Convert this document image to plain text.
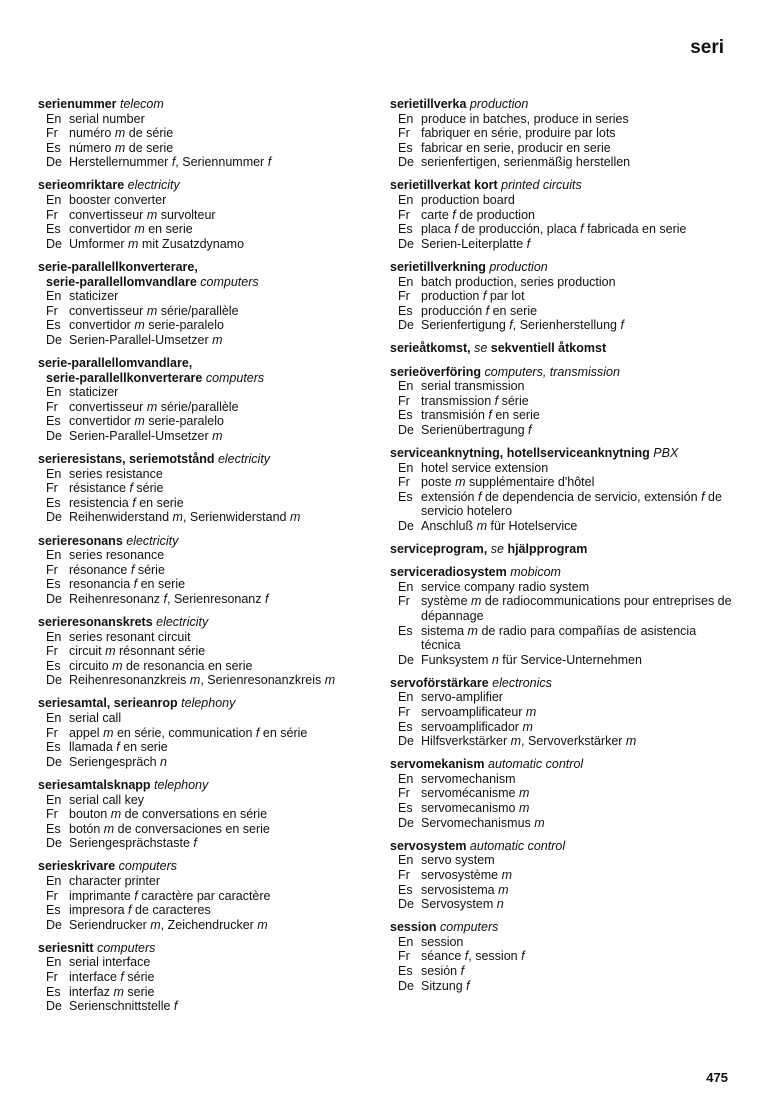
seri
serienummer telecom
En serial number
Fr numéro m de série
Es número m de serie
De Herstellernummer f, Seriennummer f
serieomriktare electricity
En booster converter
Fr convertisseur m survolteur
Es convertidor m en serie
De Umformer m mit Zusatzdynamo
serie-parallellkonverterare,
serie-parallellomvandlare computers
En staticizer
Fr convertisseur m série/parallèle
Es convertidor m serie-paralelo
De Serien-Parallel-Umsetzer m
serie-parallellomvandlare,
serie-parallellkonverterare computers
En staticizer
Fr convertisseur m série/parallèle
Es convertidor m serie-paralelo
De Serien-Parallel-Umsetzer m
serieresistans, seriemotstånd electricity
En series resistance
Fr résistance f série
Es resistencia f en serie
De Reihenwiderstand m, Serienwiderstand m
serieresonans electricity
En series resonance
Fr résonance f série
Es resonancia f en serie
De Reihenresonanz f, Serienresonanz f
serieresonanskrets electricity
En series resonant circuit
Fr circuit m résonnant série
Es circuito m de resonancia en serie
De Reihenresonanzkreis m, Serienresonanzkreis m
seriesamtal, serieanrop telephony
En serial call
Fr appel m en série, communication f en série
Es llamada f en serie
De Seriengespräch n
seriesamtalsknapp telephony
En serial call key
Fr bouton m de conversations en série
Es botón m de conversaciones en serie
De Seriengesprächstaste f
serieskrivare computers
En character printer
Fr imprimante f caractère par caractère
Es impresora f de caracteres
De Seriendrucker m, Zeichendrucker m
seriesnitt computers
En serial interface
Fr interface f série
Es interfaz m serie
De Serienschnittstelle f
serietillverka production
En produce in batches, produce in series
Fr fabriquer en série, produire par lots
Es fabricar en serie, producir en serie
De serienfertigen, serienmäßig herstellen
serietillverkat kort printed circuits
En production board
Fr carte f de production
Es placa f de producción, placa f fabricada en serie
De Serien-Leiterplatte f
serietillverkning production
En batch production, series production
Fr production f par lot
Es producción f en serie
De Serienfertigung f, Serienherstellung f
serieåtkomst, se sekventiell åtkomst
serieöverföring computers, transmission
En serial transmission
Fr transmission f série
Es transmisión f en serie
De Serienübertragung f
serviceanknytning, hotellserviceanknytning PBX
En hotel service extension
Fr poste m supplémentaire d'hôtel
Es extensión f de dependencia de servicio, extensión f de servicio hotelero
De Anschluß m für Hotelservice
serviceprogram, se hjälpprogram
serviceradiosystem mobicom
En service company radio system
Fr système m de radiocommunications pour entreprises de dépannage
Es sistema m de radio para compañías de asistencia técnica
De Funksystem n für Service-Unternehmen
servoförstärkare electronics
En servo-amplifier
Fr servoamplificateur m
Es servoamplificador m
De Hilfsverkstärker m, Servoverkstärker m
servomekanism automatic control
En servomechanism
Fr servomécanisme m
Es servomecanismo m
De Servomechanismus m
servosystem automatic control
En servo system
Fr servosystème m
Es servosistema m
De Servosystem n
session computers
En session
Fr séance f, session f
Es sesión f
De Sitzung f
475
